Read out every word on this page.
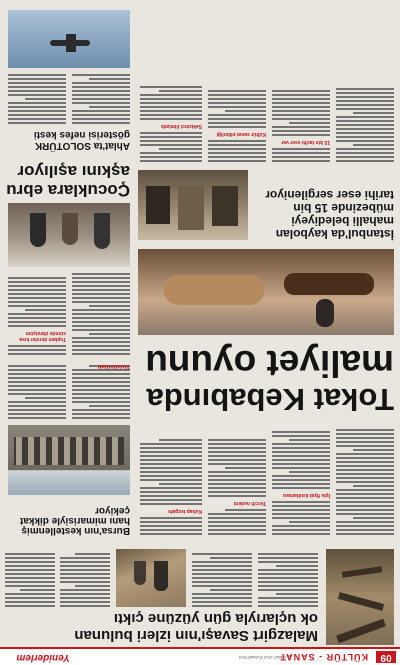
09
KÜLTÜR - SANAT
2 ŞUBAT 2019 CUMARTESİ
Yeniderlem

Malazgirt Savaşı'nın izleri bulunan

ok uçlarıyla gün yüzüne çıktı

Bursa'nın kestellenmiş hanı mimarisiyle dikkat çekiyor

Yeniderlem
İşte fiyat kısıtlaması
Tercih nedeni
Kebap tezgahı

Tokat Kebabında

maliyet oyunu

Toplam dersler kısa sürede dönüşüm

Çocuklara ebru

aşkını aşılıyor

İstanbul'da kaybolan

mahalli belediyeyi

mübezinde 15 bin

tarihi eser sergileniyor

15 bin tarihi eser var
Kültür sanat etkinliği
Sekizinci ilimizde

Ahlat'ta SOLOTÜRK

gösterisi nefes kesti
